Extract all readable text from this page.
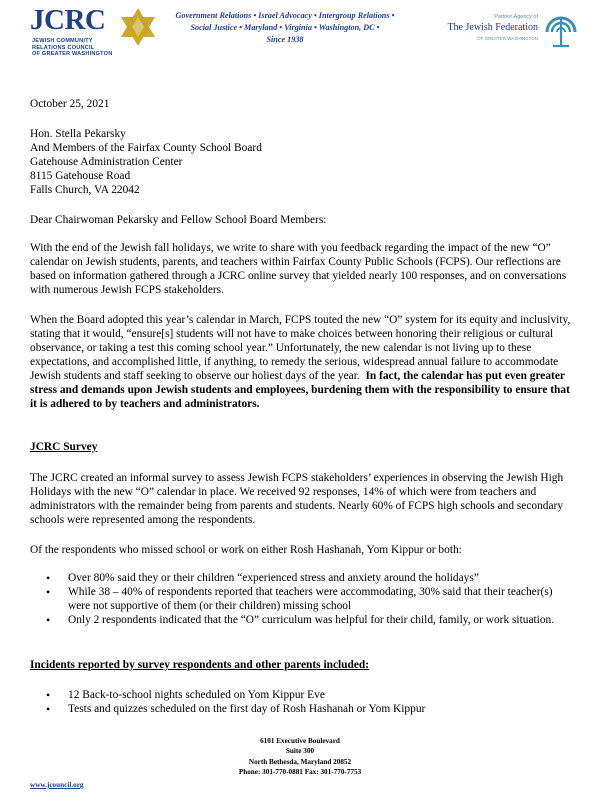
JCRC
JEWISH COMMUNITY
RELATIONS COUNCIL
OF GREATER WASHINGTON
Government Relations • Israel Advocacy • Intergroup Relations •
Social Justice • Maryland • Virginia • Washington, DC •
Since 1938
Partner Agency of
The Jewish Federation
OF GREATER WASHINGTON

October 25, 2021

Hon. Stella Pekarsky

And Members of the Fairfax County School Board

Gatehouse Administration Center

8115 Gatehouse Road

Falls Church, VA 22042

Dear Chairwoman Pekarsky and Fellow School Board Members:

With the end of the Jewish fall holidays, we write to share with you feedback regarding the impact of the new “O” calendar on Jewish students, parents, and teachers within Fairfax County Public Schools (FCPS). Our reflections are based on information gathered through a JCRC online survey that yielded nearly 100 responses, and on conversations with numerous Jewish FCPS stakeholders.

When the Board adopted this year’s calendar in March, FCPS touted the new “O” system for its equity and inclusivity, stating that it would, “ensure[s] students will not have to make choices between honoring their religious or cultural observance, or taking a test this coming school year.” Unfortunately, the new calendar is not living up to these expectations, and accomplished little, if anything, to remedy the serious, widespread annual failure to accommodate Jewish students and staff seeking to observe our holiest days of the year. In fact, the calendar has put even greater stress and demands upon Jewish students and employees, burdening them with the responsibility to ensure that it is adhered to by teachers and administrators.

JCRC Survey

The JCRC created an informal survey to assess Jewish FCPS stakeholders’ experiences in observing the Jewish High Holidays with the new “O” calendar in place. We received 92 responses, 14% of which were from teachers and administrators with the remainder being from parents and students. Nearly 60% of FCPS high schools and secondary schools were represented among the respondents.

Of the respondents who missed school or work on either Rosh Hashanah, Yom Kippur or both:

• Over 80% said they or their children “experienced stress and anxiety around the holidays”
• While 38 – 40% of respondents reported that teachers were accommodating, 30% said that their teacher(s) were not supportive of them (or their children) missing school
• Only 2 respondents indicated that the “O” curriculum was helpful for their child, family, or work situation.

Incidents reported by survey respondents and other parents included:

• 12 Back-to-school nights scheduled on Yom Kippur Eve
• Tests and quizzes scheduled on the first day of Rosh Hashanah or Yom Kippur
6101 Executive Boulevard
Suite 300
North Bethesda, Maryland 20852
Phone: 301-770-0881 Fax: 301-770-7753
www.jcouncil.org
